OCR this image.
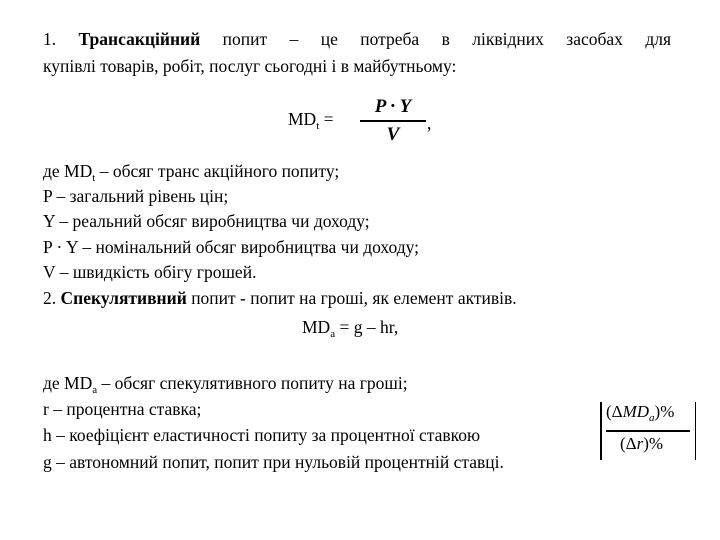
1. Трансакційний попит – це потреба в ліквідних засобах для
купівлі товарів, робіт, послуг сьогодні і в майбутньому:
$MD_t$ =
P · Y
V
,
де $MD_t$ – обсяг транс акційного попиту;
P – загальний рівень цін;
Y – реальний обсяг виробництва чи доходу;
P · Y – номінальний обсяг виробництва чи доходу;
V – швидкість обігу грошей.
2. Спекулятивний попит - попит на гроші, як елемент активів.
$MD_a = g$ – hr,
де $MD_a$ – обсяг спекулятивного попиту на гроші;
r – процентна ставка;
h – коефіцієнт еластичності попиту за процентної ставкою
g – автономний попит, попит при нульовій процентній ставці.
$(\Delta MD_a)\%$
(Δr)%
